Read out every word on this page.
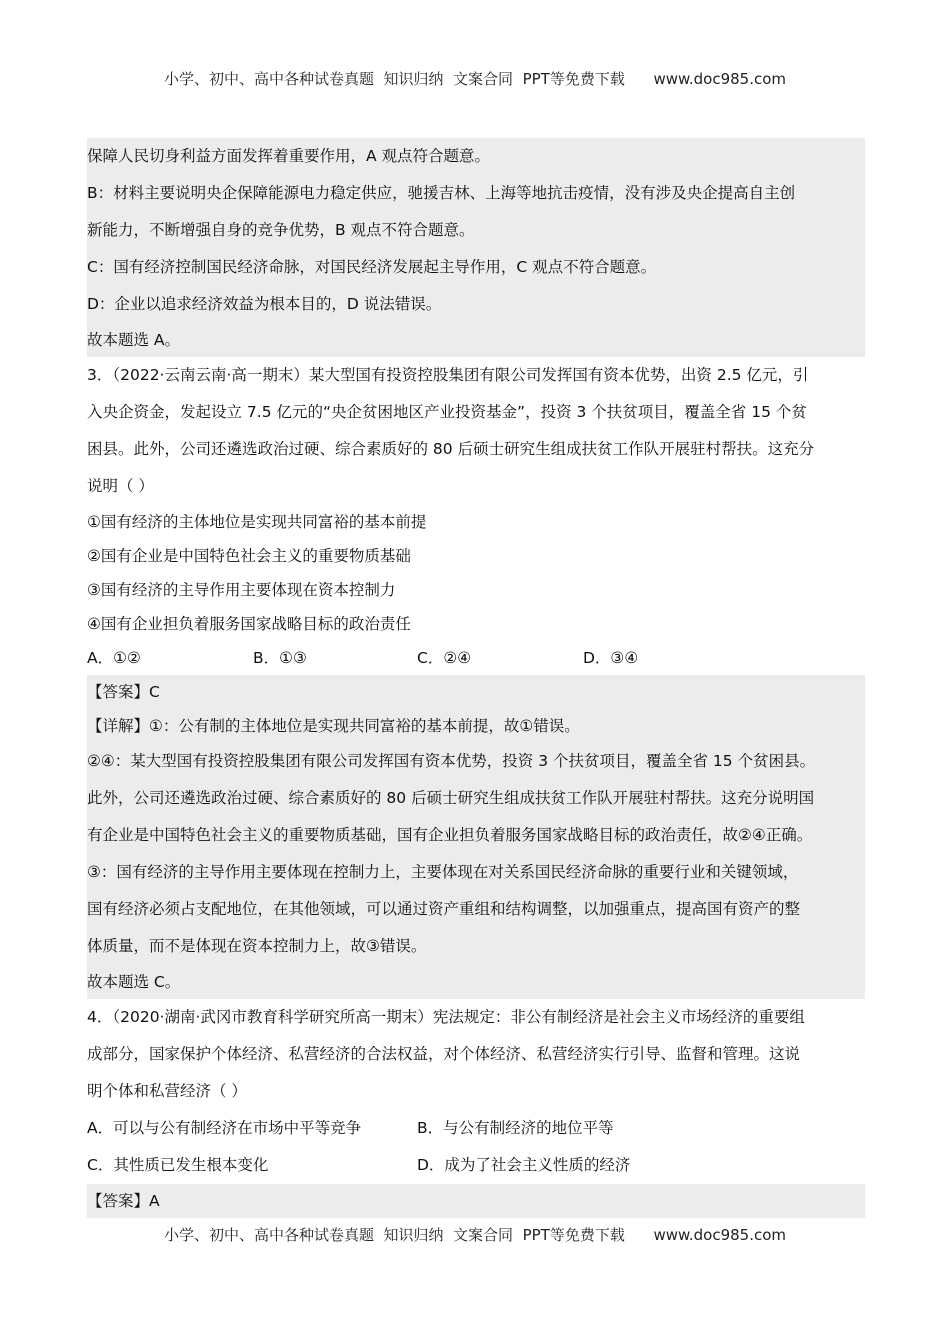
小学、初中、高中各种试卷真题  知识归纳  文案合同  PPT等免费下载      www.doc985.com
保障人民切身利益方面发挥着重要作用，A 观点符合题意。
B：材料主要说明央企保障能源电力稳定供应，驰援吉林、上海等地抗击疫情，没有涉及央企提高自主创
新能力，不断增强自身的竞争优势，B 观点不符合题意。
C：国有经济控制国民经济命脉，对国民经济发展起主导作用，C 观点不符合题意。
D：企业以追求经济效益为根本目的，D 说法错误。
故本题选 A。
3．（2022·云南云南·高一期末）某大型国有投资控股集团有限公司发挥国有资本优势，出资 2.5 亿元，引
入央企资金，发起设立 7.5 亿元的“央企贫困地区产业投资基金”，投资 3 个扶贫项目，覆盖全省 15 个贫
困县。此外，公司还遴选政治过硬、综合素质好的 80 后硕士研究生组成扶贫工作队开展驻村帮扶。这充分
说明（ ）
①国有经济的主体地位是实现共同富裕的基本前提
②国有企业是中国特色社会主义的重要物质基础
③国有经济的主导作用主要体现在资本控制力
④国有企业担负着服务国家战略目标的政治责任
A．①②	B．①③	C．②④	D．③④
【答案】C
【详解】①：公有制的主体地位是实现共同富裕的基本前提，故①错误。
②④：某大型国有投资控股集团有限公司发挥国有资本优势，投资 3 个扶贫项目，覆盖全省 15 个贫困县。
此外，公司还遴选政治过硬、综合素质好的 80 后硕士研究生组成扶贫工作队开展驻村帮扶。这充分说明国
有企业是中国特色社会主义的重要物质基础，国有企业担负着服务国家战略目标的政治责任，故②④正确。
③：国有经济的主导作用主要体现在控制力上，主要体现在对关系国民经济命脉的重要行业和关键领域，
国有经济必须占支配地位，在其他领域，可以通过资产重组和结构调整，以加强重点，提高国有资产的整
体质量，而不是体现在资本控制力上，故③错误。
故本题选 C。
4．（2020·湖南·武冈市教育科学研究所高一期末）宪法规定：非公有制经济是社会主义市场经济的重要组
成部分，国家保护个体经济、私营经济的合法权益，对个体经济、私营经济实行引导、监督和管理。这说
明个体和私营经济（ ）
A．可以与公有制经济在市场中平等竞争	B．与公有制经济的地位平等
C．其性质已发生根本变化	D．成为了社会主义性质的经济
【答案】A
小学、初中、高中各种试卷真题  知识归纳  文案合同  PPT等免费下载      www.doc985.com
